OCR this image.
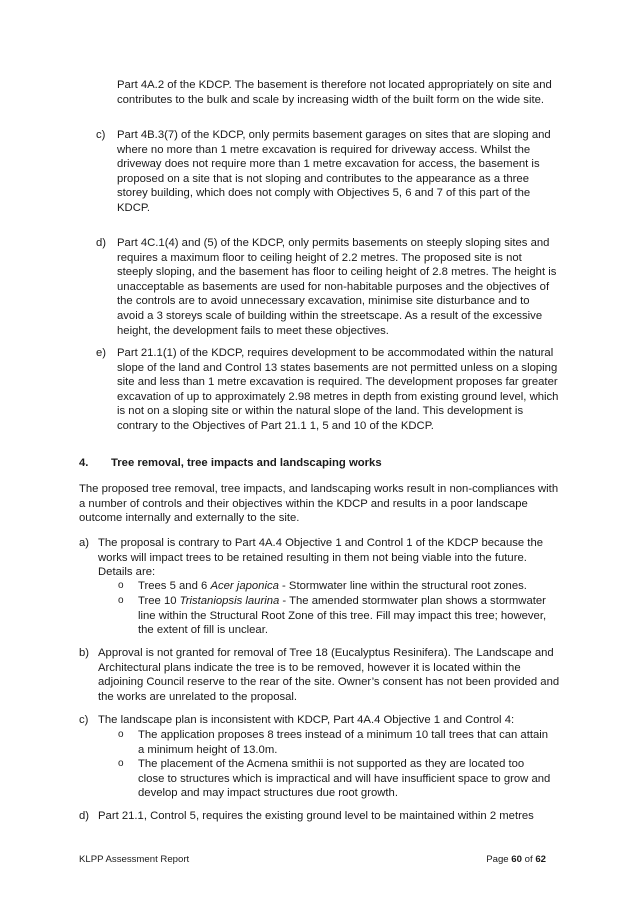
Part 4A.2 of the KDCP. The basement is therefore not located appropriately on site and contributes to the bulk and scale by increasing width of the built form on the wide site.

c) Part 4B.3(7) of the KDCP, only permits basement garages on sites that are sloping and where no more than 1 metre excavation is required for driveway access. Whilst the driveway does not require more than 1 metre excavation for access, the basement is proposed on a site that is not sloping and contributes to the appearance as a three storey building, which does not comply with Objectives 5, 6 and 7 of this part of the KDCP.

d) Part 4C.1(4) and (5) of the KDCP, only permits basements on steeply sloping sites and requires a maximum floor to ceiling height of 2.2 metres. The proposed site is not steeply sloping, and the basement has floor to ceiling height of 2.8 metres. The height is unacceptable as basements are used for non-habitable purposes and the objectives of the controls are to avoid unnecessary excavation, minimise site disturbance and to avoid a 3 storeys scale of building within the streetscape. As a result of the excessive height, the development fails to meet these objectives.

e) Part 21.1(1) of the KDCP, requires development to be accommodated within the natural slope of the land and Control 13 states basements are not permitted unless on a sloping site and less than 1 metre excavation is required. The development proposes far greater excavation of up to approximately 2.98 metres in depth from existing ground level, which is not on a sloping site or within the natural slope of the land. This development is contrary to the Objectives of Part 21.1 1, 5 and 10 of the KDCP.

4. Tree removal, tree impacts and landscaping works

The proposed tree removal, tree impacts, and landscaping works result in non-compliances with a number of controls and their objectives within the KDCP and results in a poor landscape outcome internally and externally to the site.

a) The proposal is contrary to Part 4A.4 Objective 1 and Control 1 of the KDCP because the works will impact trees to be retained resulting in them not being viable into the future. Details are:

o Trees 5 and 6 Acer japonica - Stormwater line within the structural root zones.

o Tree 10 Tristaniopsis laurina - The amended stormwater plan shows a stormwater line within the Structural Root Zone of this tree. Fill may impact this tree; however, the extent of fill is unclear.

b) Approval is not granted for removal of Tree 18 (Eucalyptus Resinifera). The Landscape and Architectural plans indicate the tree is to be removed, however it is located within the adjoining Council reserve to the rear of the site. Owner’s consent has not been provided and the works are unrelated to the proposal.

c) The landscape plan is inconsistent with KDCP, Part 4A.4 Objective 1 and Control 4:

o The application proposes 8 trees instead of a minimum 10 tall trees that can attain a minimum height of 13.0m.

o The placement of the Acmena smithii is not supported as they are located too close to structures which is impractical and will have insufficient space to grow and develop and may impact structures due root growth.

d) Part 21.1, Control 5, requires the existing ground level to be maintained within 2 metres

KLPP Assessment Report	Page 60 of 62
